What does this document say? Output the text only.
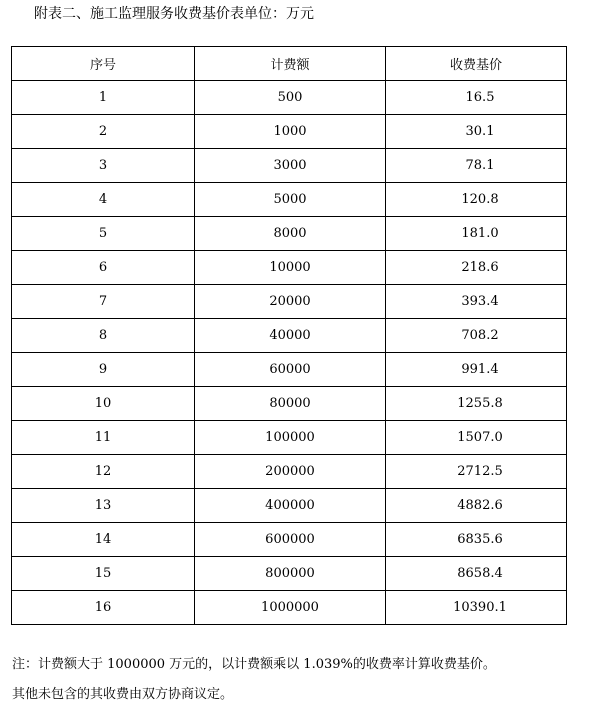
附表二、施工监理服务收费基价表单位：万元
序号	计费额	收费基价
1	500	16.5
2	1000	30.1
3	3000	78.1
4	5000	120.8
5	8000	181.0
6	10000	218.6
7	20000	393.4
8	40000	708.2
9	60000	991.4
10	80000	1255.8
11	100000	1507.0
12	200000	2712.5
13	400000	4882.6
14	600000	6835.6
15	800000	8658.4
16	1000000	10390.1
注：计费额大于 1000000 万元的，以计费额乘以 1.039%的收费率计算收费基价。
其他未包含的其收费由双方协商议定。
